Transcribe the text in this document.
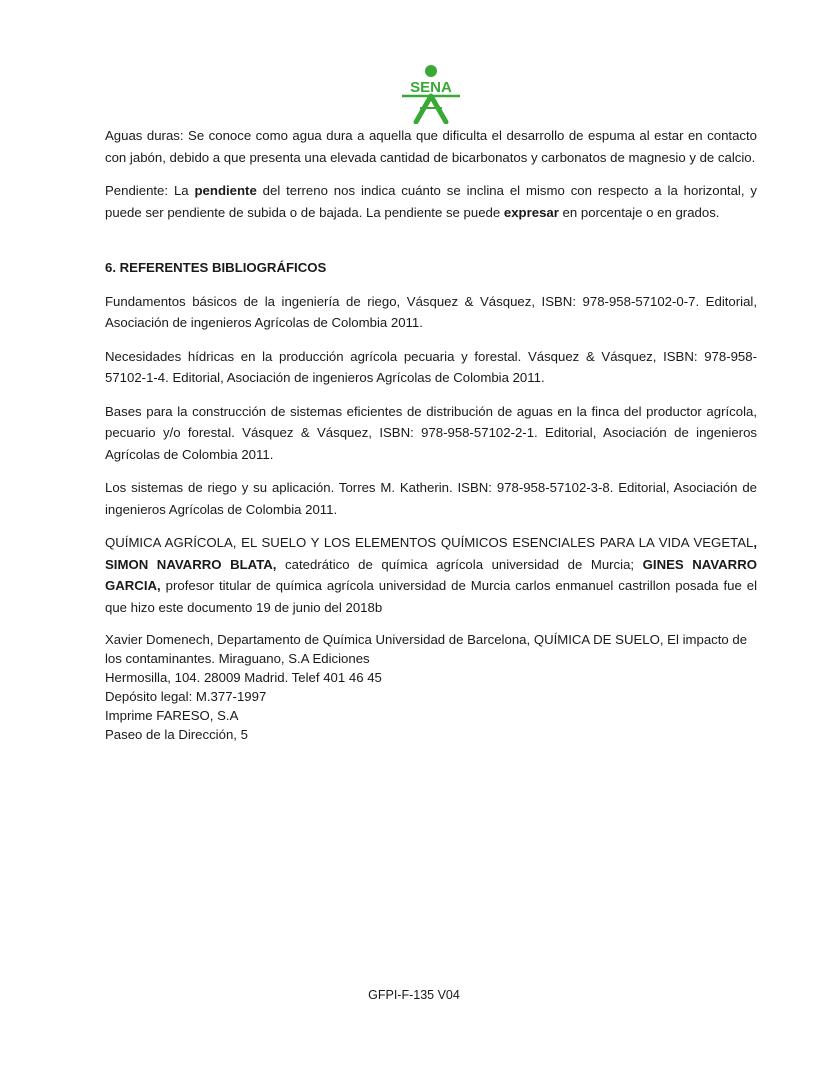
SENA

Aguas duras: Se conoce como agua dura a aquella que dificulta el desarrollo de espuma al estar en contacto con jabón, debido a que presenta una elevada cantidad de bicarbonatos y carbonatos de magnesio y de calcio.

Pendiente: La pendiente del terreno nos indica cuánto se inclina el mismo con respecto a la horizontal, y puede ser pendiente de subida o de bajada. La pendiente se puede expresar en porcentaje o en grados.

6. REFERENTES BIBLIOGRÁFICOS

Fundamentos básicos de la ingeniería de riego, Vásquez & Vásquez, ISBN: 978-958-57102-0-7. Editorial, Asociación de ingenieros Agrícolas de Colombia 2011.

Necesidades hídricas en la producción agrícola pecuaria y forestal. Vásquez & Vásquez, ISBN: 978-958-57102-1-4. Editorial, Asociación de ingenieros Agrícolas de Colombia 2011.

Bases para la construcción de sistemas eficientes de distribución de aguas en la finca del productor agrícola, pecuario y/o forestal. Vásquez & Vásquez, ISBN: 978-958-57102-2-1. Editorial, Asociación de ingenieros Agrícolas de Colombia 2011.

Los sistemas de riego y su aplicación. Torres M. Katherin. ISBN: 978-958-57102-3-8. Editorial, Asociación de ingenieros Agrícolas de Colombia 2011.

QUÍMICA AGRÍCOLA, EL SUELO Y LOS ELEMENTOS QUÍMICOS ESENCIALES PARA LA VIDA VEGETAL, SIMON NAVARRO BLATA, catedrático de química agrícola universidad de Murcia; GINES NAVARRO GARCIA, profesor titular de química agrícola universidad de Murcia carlos enmanuel castrillon posada fue el que hizo este documento 19 de junio del 2018b

Xavier Domenech, Departamento de Química Universidad de Barcelona, QUÍMICA DE SUELO, El impacto de los contaminantes. Miraguano, S.A Ediciones

Hermosilla, 104. 28009 Madrid. Telef 401 46 45

Depósito legal: M.377-1997

Imprime FARESO, S.A

Paseo de la Dirección, 5

GFPI-F-135 V04
